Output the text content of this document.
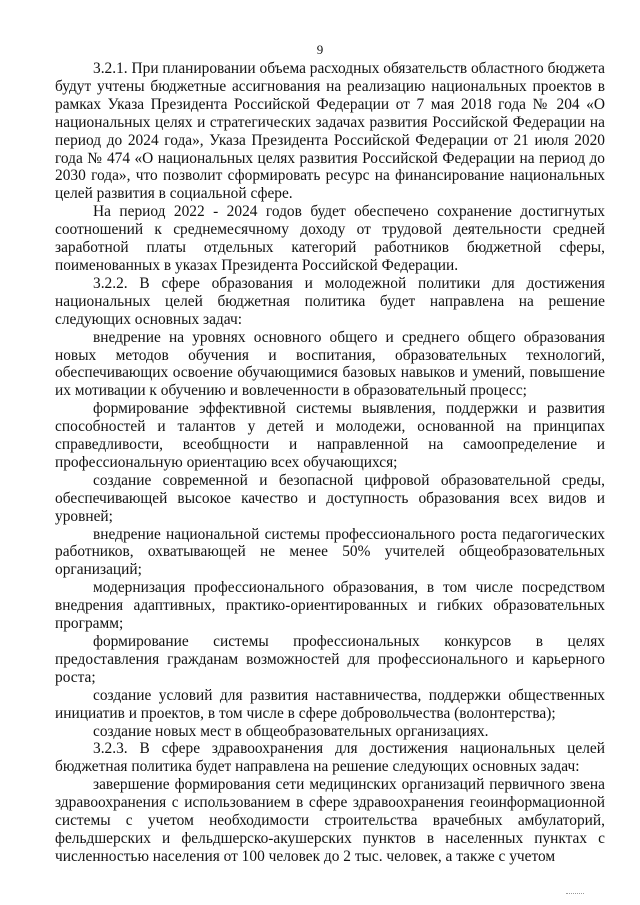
9

3.2.1. При планировании объема расходных обязательств областного бюджета будут учтены бюджетные ассигнования на реализацию национальных проектов в рамках Указа Президента Российской Федерации от 7 мая 2018 года № 204 «О национальных целях и стратегических задачах развития Российской Федерации на период до 2024 года», Указа Президента Российской Федерации от 21 июля 2020 года № 474 «О национальных целях развития Российской Федерации на период до 2030 года», что позволит сформировать ресурс на финансирование национальных целей развития в социальной сфере.

На период 2022 - 2024 годов будет обеспечено сохранение достигнутых соотношений к среднемесячному доходу от трудовой деятельности средней заработной платы отдельных категорий работников бюджетной сферы, поименованных в указах Президента Российской Федерации.

3.2.2. В сфере образования и молодежной политики для достижения национальных целей бюджетная политика будет направлена на решение следующих основных задач:

внедрение на уровнях основного общего и среднего общего образования новых методов обучения и воспитания, образовательных технологий, обеспечивающих освоение обучающимися базовых навыков и умений, повышение их мотивации к обучению и вовлеченности в образовательный процесс;

формирование эффективной системы выявления, поддержки и развития способностей и талантов у детей и молодежи, основанной на принципах справедливости, всеобщности и направленной на самоопределение и профессиональную ориентацию всех обучающихся;

создание современной и безопасной цифровой образовательной среды, обеспечивающей высокое качество и доступность образования всех видов и уровней;

внедрение национальной системы профессионального роста педагогических работников, охватывающей не менее 50% учителей общеобразовательных организаций;

модернизация профессионального образования, в том числе посредством внедрения адаптивных, практико-ориентированных и гибких образовательных программ;

формирование системы профессиональных конкурсов в целях предоставления гражданам возможностей для профессионального и карьерного роста;

создание условий для развития наставничества, поддержки общественных инициатив и проектов, в том числе в сфере добровольчества (волонтерства);

создание новых мест в общеобразовательных организациях.

3.2.3. В сфере здравоохранения для достижения национальных целей бюджетная политика будет направлена на решение следующих основных задач:

завершение формирования сети медицинских организаций первичного звена здравоохранения с использованием в сфере здравоохранения геоинформационной системы с учетом необходимости строительства врачебных амбулаторий, фельдшерских и фельдшерско-акушерских пунктов в населенных пунктах с численностью населения от 100 человек до 2 тыс. человек, а также с учетом
